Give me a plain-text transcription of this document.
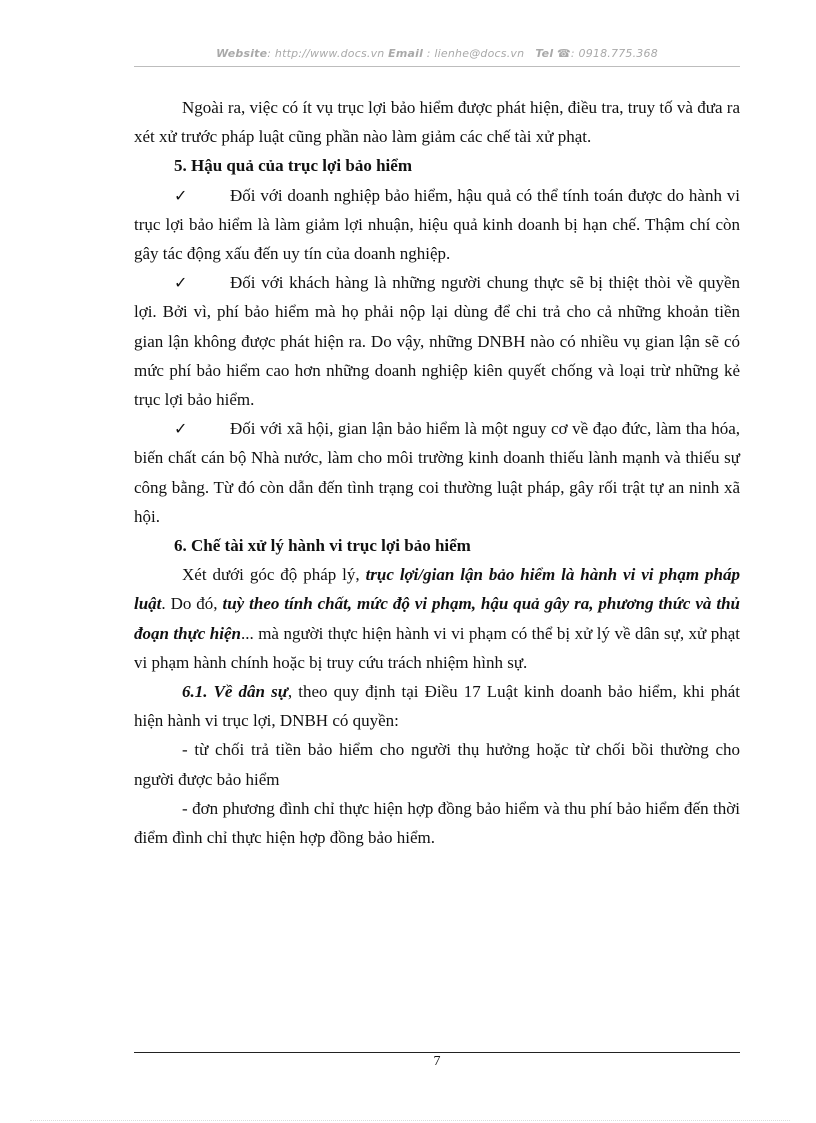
Website: http://www.docs.vn Email : lienhe@docs.vn Tel ☎: 0918.775.368

Ngoài ra, việc có ít vụ trục lợi bảo hiểm được phát hiện, điều tra, truy tố và đưa ra xét xử trước pháp luật cũng phần nào làm giảm các chế tài xử phạt.

5. Hậu quả của trục lợi bảo hiểm

✓	Đối với doanh nghiệp bảo hiểm, hậu quả có thể tính toán được do hành vi trục lợi bảo hiểm là làm giảm lợi nhuận, hiệu quả kinh doanh bị hạn chế. Thậm chí còn gây tác động xấu đến uy tín của doanh nghiệp.

✓	Đối với khách hàng là những người chung thực sẽ bị thiệt thòi về quyền lợi. Bởi vì, phí bảo hiểm mà họ phải nộp lại dùng để chi trả cho cả những khoản tiền gian lận không được phát hiện ra. Do vậy, những DNBH nào có nhiều vụ gian lận sẽ có mức phí bảo hiểm cao hơn những doanh nghiệp kiên quyết chống và loại trừ những kẻ trục lợi bảo hiểm.

✓	Đối với xã hội, gian lận bảo hiểm là một nguy cơ về đạo đức, làm tha hóa, biến chất cán bộ Nhà nước, làm cho môi trường kinh doanh thiếu lành mạnh và thiếu sự công bằng. Từ đó còn dẫn đến tình trạng coi thường luật pháp, gây rối trật tự an ninh xã hội.

6. Chế tài xử lý hành vi trục lợi bảo hiểm

Xét dưới góc độ pháp lý, trục lợi/gian lận bảo hiểm là hành vi vi phạm pháp luật. Do đó, tuỳ theo tính chất, mức độ vi phạm, hậu quả gây ra, phương thức và thủ đoạn thực hiện... mà người thực hiện hành vi vi phạm có thể bị xử lý về dân sự, xử phạt vi phạm hành chính hoặc bị truy cứu trách nhiệm hình sự.

6.1. Về dân sự, theo quy định tại Điều 17 Luật kinh doanh bảo hiểm, khi phát hiện hành vi trục lợi, DNBH có quyền:

- từ chối trả tiền bảo hiểm cho người thụ hưởng hoặc từ chối bồi thường cho người được bảo hiểm

- đơn phương đình chỉ thực hiện hợp đồng bảo hiểm và thu phí bảo hiểm đến thời điểm đình chỉ thực hiện hợp đồng bảo hiểm.

7
